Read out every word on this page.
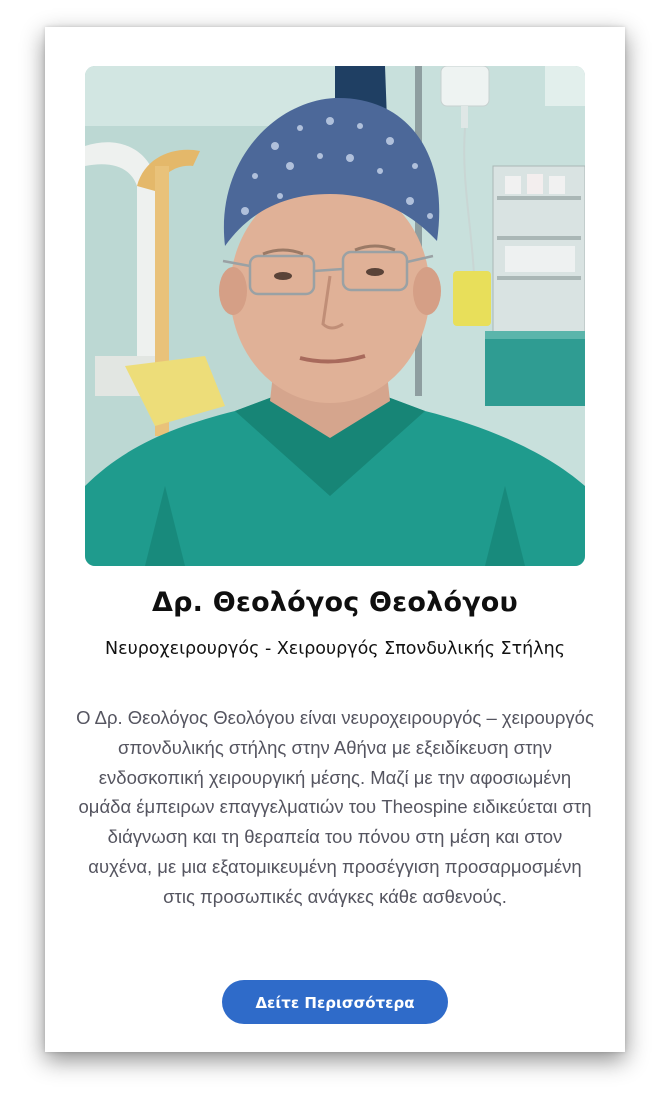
Δρ. Θεολόγος Θεολόγου
Νευροχειρουργός - Χειρουργός Σπονδυλικής Στήλης
Ο Δρ. Θεολόγος Θεολόγου είναι νευροχειρουργός – χειρουργός σπονδυλικής στήλης στην Αθήνα με εξειδίκευση στην ενδοσκοπική χειρουργική μέσης. Μαζί με την αφοσιωμένη ομάδα έμπειρων επαγγελματιών του Theospine ειδικεύεται στη διάγνωση και τη θεραπεία του πόνου στη μέση και στον αυχένα, με μια εξατομικευμένη προσέγγιση προσαρμοσμένη στις προσωπικές ανάγκες κάθε ασθενούς.
Δείτε Περισσότερα
